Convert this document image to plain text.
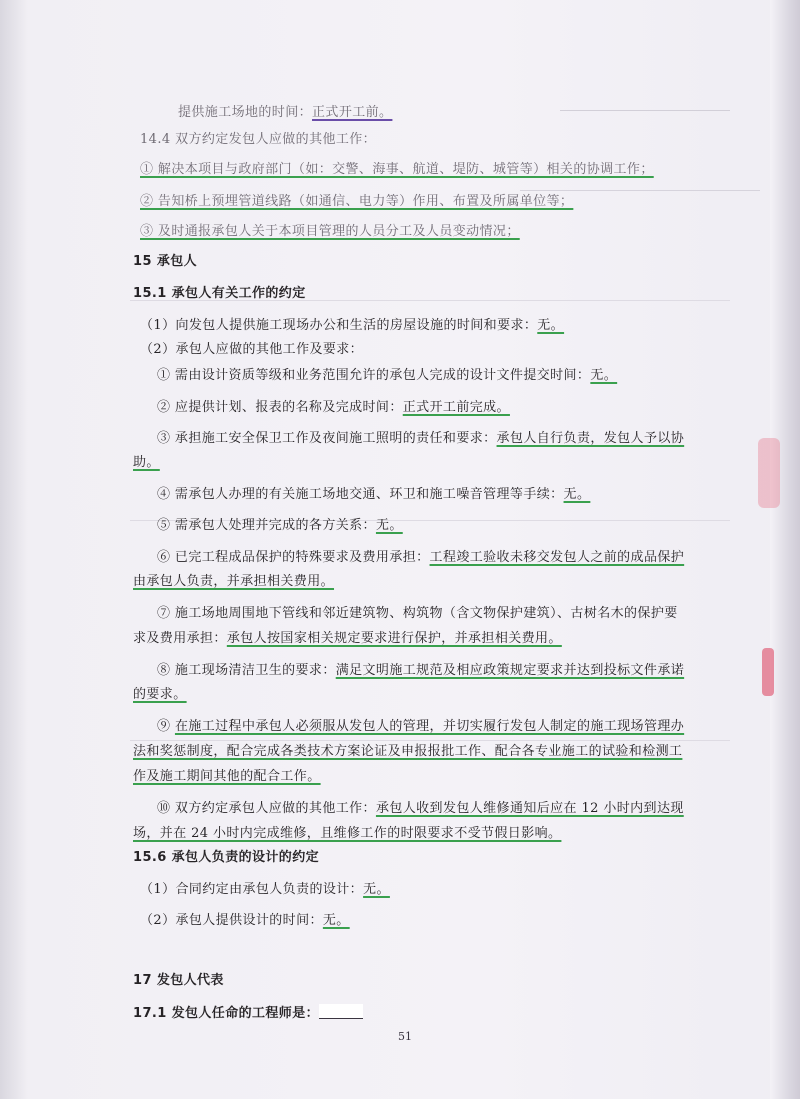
提供施工场地的时间：正式开工前。
14.4 双方约定发包人应做的其他工作：
① 解决本项目与政府部门（如：交警、海事、航道、堤防、城管等）相关的协调工作；
② 告知桥上预埋管道线路（如通信、电力等）作用、布置及所属单位等；
③ 及时通报承包人关于本项目管理的人员分工及人员变动情况；
15 承包人
15.1 承包人有关工作的约定
（1）向发包人提供施工现场办公和生活的房屋设施的时间和要求：无。
（2）承包人应做的其他工作及要求：
① 需由设计资质等级和业务范围允许的承包人完成的设计文件提交时间：无。
② 应提供计划、报表的名称及完成时间：正式开工前完成。
③ 承担施工安全保卫工作及夜间施工照明的责任和要求：承包人自行负责，发包人予以协
助。
④ 需承包人办理的有关施工场地交通、环卫和施工噪音管理等手续：无。
⑤ 需承包人处理并完成的各方关系：无。
⑥ 已完工程成品保护的特殊要求及费用承担：工程竣工验收未移交发包人之前的成品保护
由承包人负责，并承担相关费用。
⑦ 施工场地周围地下管线和邻近建筑物、构筑物（含文物保护建筑）、古树名木的保护要
求及费用承担：承包人按国家相关规定要求进行保护，并承担相关费用。
⑧ 施工现场清洁卫生的要求：满足文明施工规范及相应政策规定要求并达到投标文件承诺
的要求。
⑨ 在施工过程中承包人必须服从发包人的管理，并切实履行发包人制定的施工现场管理办
法和奖惩制度，配合完成各类技术方案论证及申报报批工作、配合各专业施工的试验和检测工
作及施工期间其他的配合工作。
⑩ 双方约定承包人应做的其他工作：承包人收到发包人维修通知后应在 12 小时内到达现
场，并在 24 小时内完成维修，且维修工作的时限要求不受节假日影响。
15.6 承包人负责的设计的约定
（1）合同约定由承包人负责的设计：无。
（2）承包人提供设计的时间：无。
17 发包人代表
17.1 发包人任命的工程师是：
51
